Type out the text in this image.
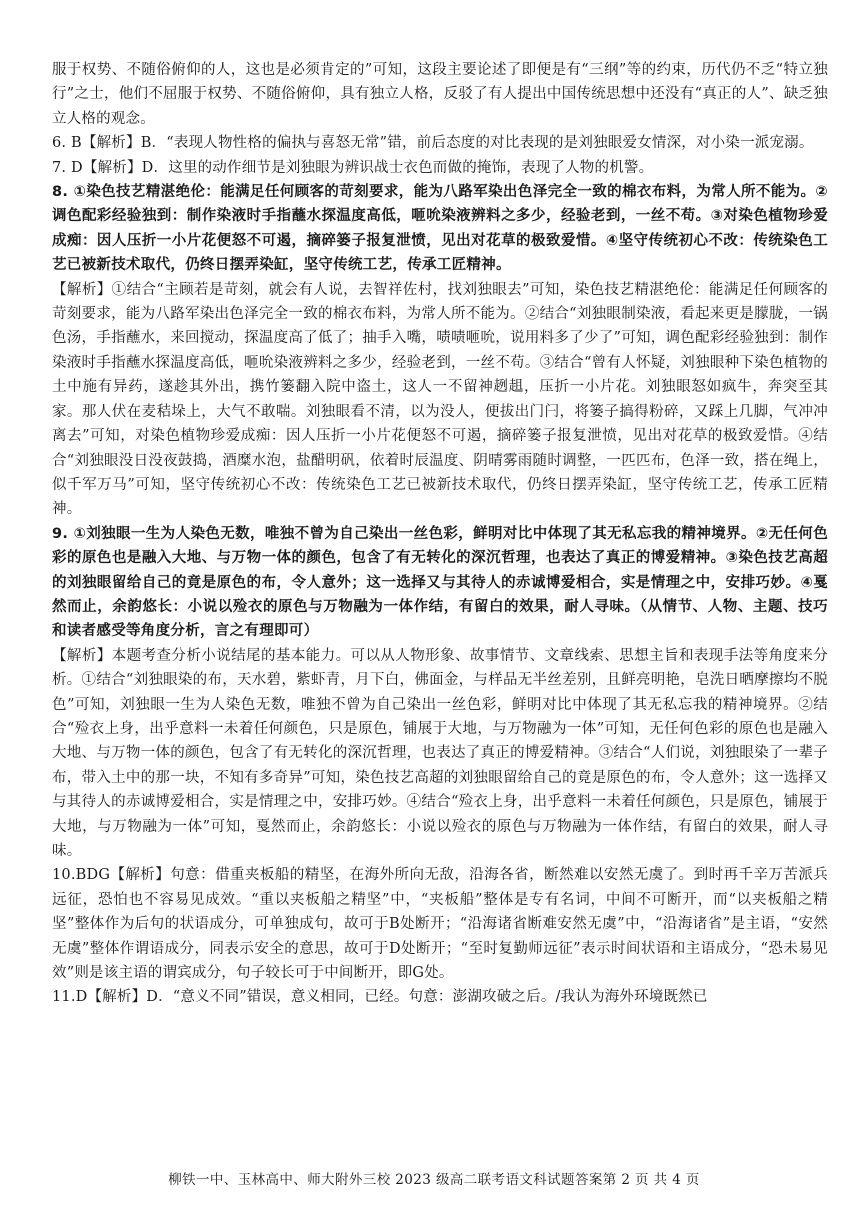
服于权势、不随俗俯仰的人，这也是必须肯定的”可知，这段主要论述了即便是有“三纲”等的约束，历代仍不乏“特立独行”之士，他们不屈服于权势、不随俗俯仰，具有独立人格，反驳了有人提出中国传统思想中还没有“真正的人”、缺乏独立人格的观念。

6. B【解析】B．“表现人物性格的偏执与喜怒无常”错，前后态度的对比表现的是刘独眼爱女情深，对小染一派宠溺。

7. D【解析】D．这里的动作细节是刘独眼为辨识战士衣色而做的掩饰，表现了人物的机警。

8. ①染色技艺精湛绝伦：能满足任何顾客的苛刻要求，能为八路军染出色泽完全一致的棉衣布料，为常人所不能为。②调色配彩经验独到：制作染液时手指蘸水探温度高低，咂吮染液辨料之多少，经验老到，一丝不苟。③对染色植物珍爱成痴：因人压折一小片花便怒不可遏，摘碎篓子报复泄愤，见出对花草的极致爱惜。④坚守传统初心不改：传统染色工艺已被新技术取代，仍终日摆弄染缸，坚守传统工艺，传承工匠精神。

【解析】①结合“主顾若是苛刻，就会有人说，去智祥佐村，找刘独眼去”可知，染色技艺精湛绝伦：能满足任何顾客的苛刻要求，能为八路军染出色泽完全一致的棉衣布料，为常人所不能为。②结合“刘独眼制染液，看起来更是朦胧，一锅色汤，手指蘸水，来回搅动，探温度高了低了；抽手入嘴，啧啧咂吮，说用料多了少了”可知，调色配彩经验独到：制作染液时手指蘸水探温度高低，咂吮染液辨料之多少，经验老到，一丝不苟。③结合“曾有人怀疑，刘独眼种下染色植物的土中施有异药，遂趁其外出，携竹篓翻入院中盗土，这人一不留神趔趄，压折一小片花。刘独眼怒如疯牛，奔突至其家。那人伏在麦秸垛上，大气不敢喘。刘独眼看不清，以为没人，便拔出门闩，将篓子搞得粉碎，又踩上几脚，气冲冲离去”可知，对染色植物珍爱成痴：因人压折一小片花便怒不可遏，摘碎篓子报复泄愤，见出对花草的极致爱惜。④结合“刘独眼没日没夜鼓捣，酒糜水泡，盐醋明矾，依着时辰温度、阴晴雾雨随时调整，一匹匹布，色泽一致，搭在绳上，似千军万马”可知，坚守传统初心不改：传统染色工艺已被新技术取代，仍终日摆弄染缸，坚守传统工艺，传承工匠精神。

9. ①刘独眼一生为人染色无数，唯独不曾为自己染出一丝色彩，鲜明对比中体现了其无私忘我的精神境界。②无任何色彩的原色也是融入大地、与万物一体的颜色，包含了有无转化的深沉哲理，也表达了真正的博爱精神。③染色技艺高超的刘独眼留给自己的竟是原色的布，令人意外；这一选择又与其待人的赤诚博爱相合，实是情理之中，安排巧妙。④戛然而止，余韵悠长：小说以殓衣的原色与万物融为一体作结，有留白的效果，耐人寻味。（从情节、人物、主题、技巧和读者感受等角度分析，言之有理即可）

【解析】本题考查分析小说结尾的基本能力。可以从人物形象、故事情节、文章线索、思想主旨和表现手法等角度来分析。①结合“刘独眼染的布，天水碧，紫虾青，月下白，佛面金，与样品无半丝差别，且鲜亮明艳，皂洗日晒摩擦均不脱色”可知，刘独眼一生为人染色无数，唯独不曾为自己染出一丝色彩，鲜明对比中体现了其无私忘我的精神境界。②结合“殓衣上身，出乎意料一未着任何颜色，只是原色，铺展于大地，与万物融为一体”可知，无任何色彩的原色也是融入大地、与万物一体的颜色，包含了有无转化的深沉哲理，也表达了真正的博爱精神。③结合“人们说，刘独眼染了一辈子布，带入土中的那一块，不知有多奇异”可知，染色技艺高超的刘独眼留给自己的竟是原色的布，令人意外；这一选择又与其待人的赤诚博爱相合，实是情理之中，安排巧妙。④结合“殓衣上身，出乎意料一未着任何颜色，只是原色，铺展于大地，与万物融为一体”可知，戛然而止，余韵悠长：小说以殓衣的原色与万物融为一体作结，有留白的效果，耐人寻味。

10.BDG【解析】句意：借重夹板船的精坚，在海外所向无敌，沿海各省，断然难以安然无虞了。到时再千辛万苦派兵远征，恐怕也不容易见成效。“重以夹板船之精坚”中，“夹板船”整体是专有名词，中间不可断开，而“以夹板船之精坚”整体作为后句的状语成分，可单独成句，故可于B处断开；“沿海诸省断难安然无虞”中，“沿海诸省”是主语，“安然无虞”整体作谓语成分，同表示安全的意思，故可于D处断开；“至时复勤师远征”表示时间状语和主语成分，“恐未易见效”则是该主语的谓宾成分，句子较长可于中间断开，即G处。

11.D【解析】D．“意义不同”错误，意义相同，已经。句意：澎湖攻破之后。/我认为海外环境既然已

柳铁一中、玉林高中、师大附外三校 2023 级高二联考语文科试题答案第 2 页 共 4 页
